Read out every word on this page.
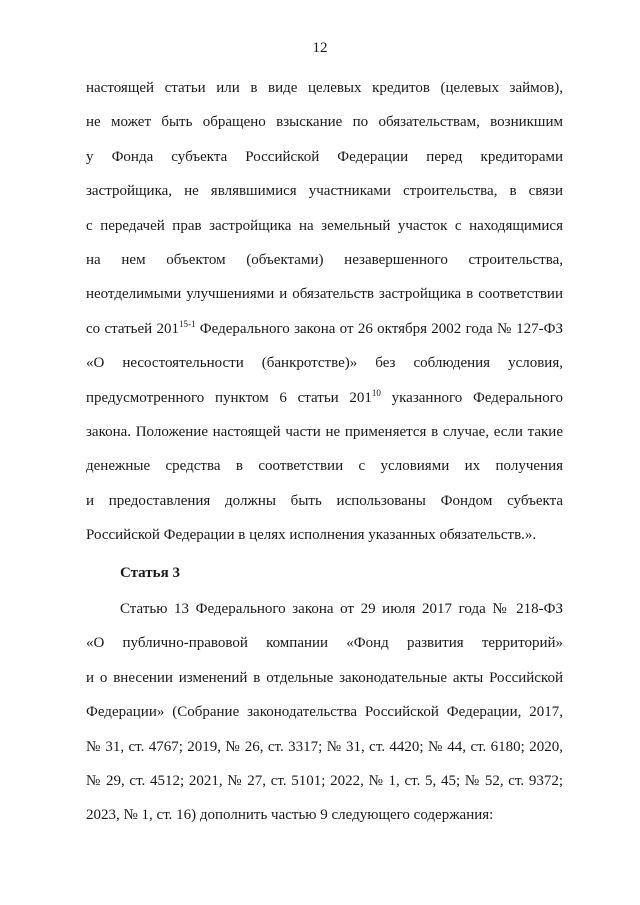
12
настоящей статьи или в виде целевых кредитов (целевых займов),
не может быть обращено взыскание по обязательствам, возникшим
у Фонда субъекта Российской Федерации перед кредиторами
застройщика, не являвшимися участниками строительства, в связи
с передачей прав застройщика на земельный участок с находящимися
на нем объектом (объектами) незавершенного строительства,
неотделимыми улучшениями и обязательств застройщика в соответствии
со статьей 201$^{15-1}$ Федерального закона от 26 октября 2002 года № 127-ФЗ
«О несостоятельности (банкротстве)» без соблюдения условия,
предусмотренного пунктом 6 статьи $201^{10}$ указанного Федерального
закона. Положение настоящей части не применяется в случае, если такие
денежные средства в соответствии с условиями их получения
и предоставления должны быть использованы Фондом субъекта
Российской Федерации в целях исполнения указанных обязательств.».
Статья 3
Статью 13 Федерального закона от 29 июля 2017 года № 218-ФЗ
«О публично-правовой компании «Фонд развития территорий»
и о внесении изменений в отдельные законодательные акты Российской
Федерации» (Собрание законодательства Российской Федерации, 2017,
№ 31, ст. 4767; 2019, № 26, ст. 3317; № 31, ст. 4420; № 44, ст. 6180; 2020,
№ 29, ст. 4512; 2021, № 27, ст. 5101; 2022, № 1, ст. 5, 45; № 52, ст. 9372;
2023, № 1, ст. 16) дополнить частью 9 следующего содержания:
